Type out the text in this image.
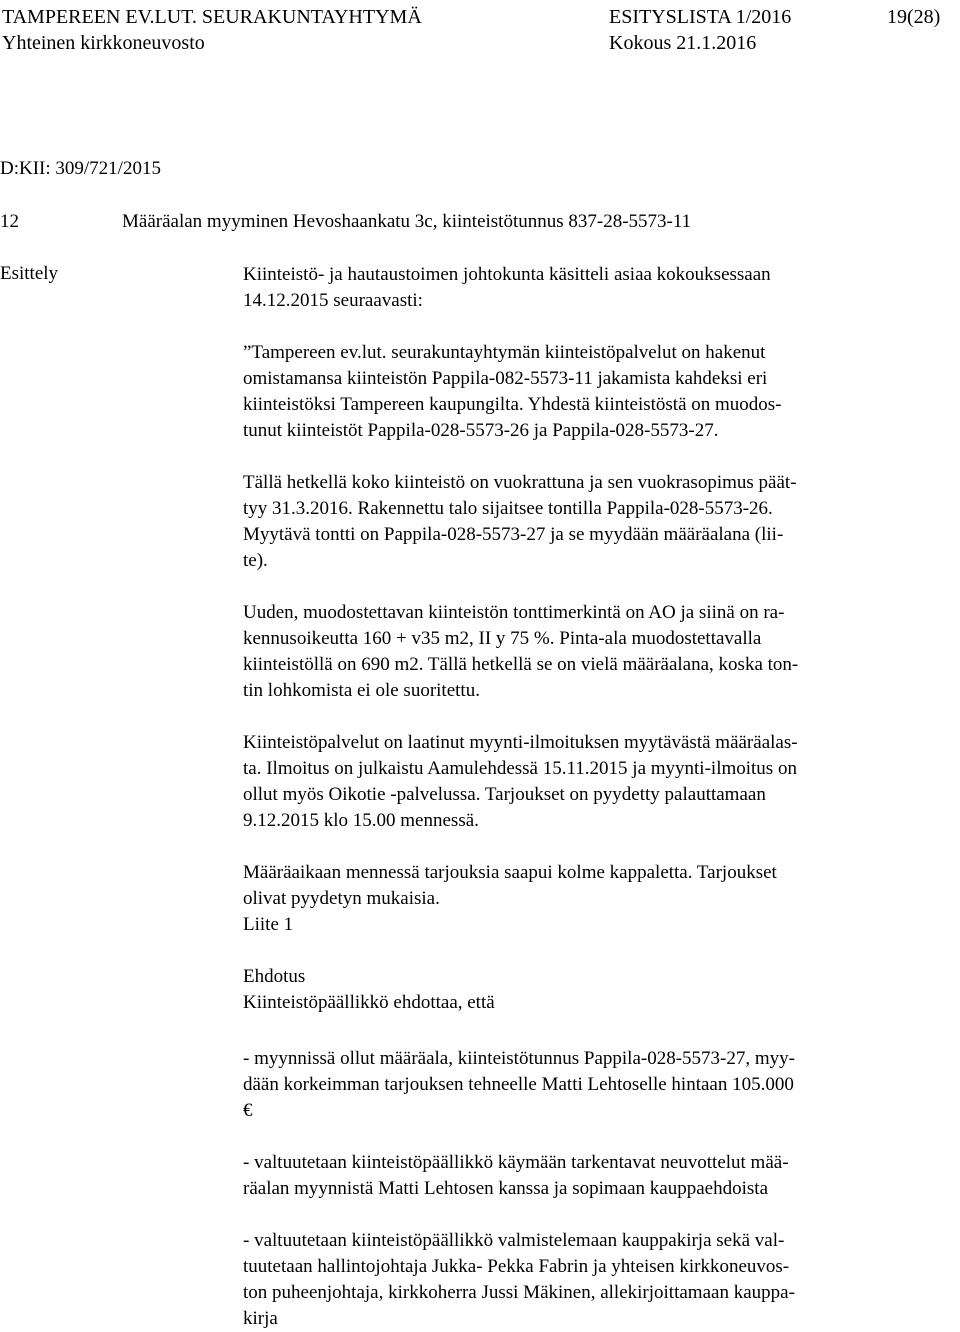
TAMPEREEN EV.LUT. SEURAKUNTAYHTYMÄ	ESITYSLISTA 1/2016	19(28)
Yhteinen kirkkoneuvosto	Kokous 21.1.2016
D:KII: 309/721/2015
12	Määräalan myyminen Hevoshaankatu 3c, kiinteistötunnus 837-28-5573-11
Esittely	Kiinteistö- ja hautaustoimen johtokunta käsitteli asiaa kokouksessaan
14.12.2015 seuraavasti:

”Tampereen ev.lut. seurakuntayhtymän kiinteistöpalvelut on hakenut
omistamansa kiinteistön Pappila-082-5573-11 jakamista kahdeksi eri
kiinteistöksi Tampereen kaupungilta. Yhdestä kiinteistöstä on muodos-
tunut kiinteistöt Pappila-028-5573-26 ja Pappila-028-5573-27.

Tällä hetkellä koko kiinteistö on vuokrattuna ja sen vuokrasopimus päät-
tyy 31.3.2016. Rakennettu talo sijaitsee tontilla Pappila-028-5573-26.
Myytävä tontti on Pappila-028-5573-27 ja se myydään määräalana (lii-
te).

Uuden, muodostettavan kiinteistön tonttimerkintä on AO ja siinä on ra-
kennusoikeutta 160 + v35 m2, II y 75 %. Pinta-ala muodostettavalla
kiinteistöllä on 690 m2. Tällä hetkellä se on vielä määräalana, koska ton-
tin lohkomista ei ole suoritettu.

Kiinteistöpalvelut on laatinut myynti-ilmoituksen myytävästä määräalas-
ta. Ilmoitus on julkaistu Aamulehdessä 15.11.2015 ja myynti-ilmoitus on
ollut myös Oikotie -palvelussa. Tarjoukset on pyydetty palauttamaan
9.12.2015 klo 15.00 mennessä.

Määräaikaan mennessä tarjouksia saapui kolme kappaletta. Tarjoukset
olivat pyydetyn mukaisia.
Liite 1

Ehdotus
Kiinteistöpäällikkö ehdottaa, että

- myynnissä ollut määräala, kiinteistötunnus Pappila-028-5573-27, myy-
dään korkeimman tarjouksen tehneelle Matti Lehtoselle hintaan 105.000
€

- valtuutetaan kiinteistöpäällikkö käymään tarkentavat neuvottelut mää-
räalan myynnistä Matti Lehtosen kanssa ja sopimaan kauppaehdoista

- valtuutetaan kiinteistöpäällikkö valmistelemaan kauppakirja sekä val-
tuutetaan hallintojohtaja Jukka- Pekka Fabrin ja yhteisen kirkkoneuvos-
ton puheenjohtaja, kirkkoherra Jussi Mäkinen, allekirjoittamaan kauppa-
kirja
